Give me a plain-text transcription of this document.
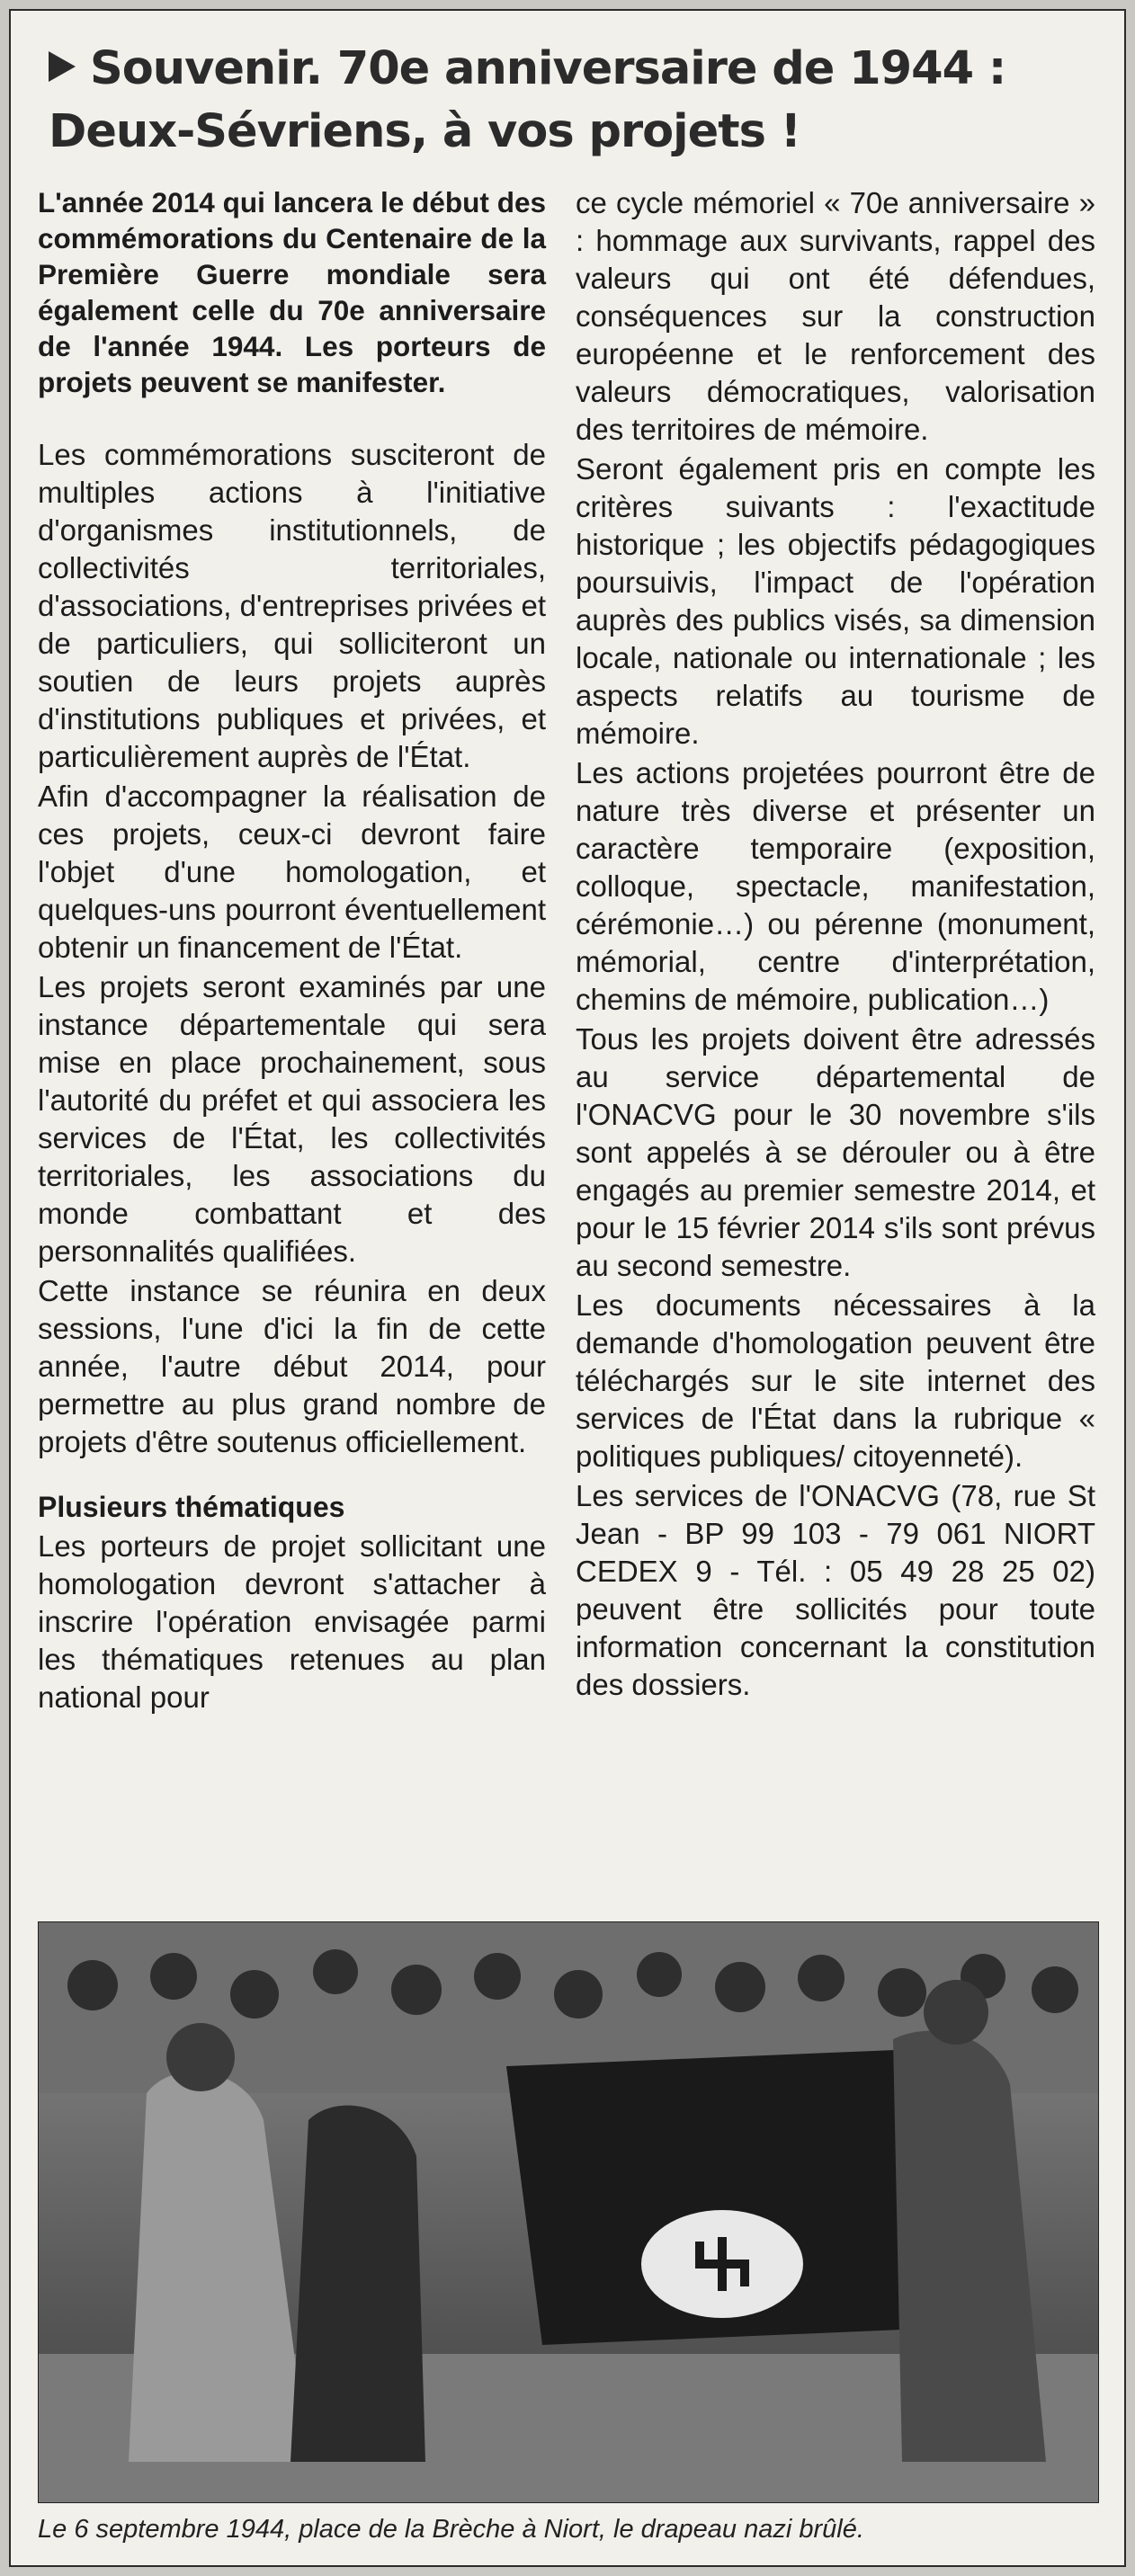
Souvenir. 70e anniversaire de 1944 :
Deux-Sévriens, à vos projets !

L'année 2014 qui lancera le début des commémorations du Centenaire de la Première Guerre mondiale sera également celle du 70e anniversaire de l'année 1944. Les porteurs de projets peuvent se manifester.

Les commémorations susciteront de multiples actions à l'initiative d'organismes institutionnels, de collectivités territoriales, d'associations, d'entreprises privées et de particuliers, qui solliciteront un soutien de leurs projets auprès d'institutions publiques et privées, et particulièrement auprès de l'État.

Afin d'accompagner la réalisation de ces projets, ceux-ci devront faire l'objet d'une homologation, et quelques-uns pourront éventuellement obtenir un financement de l'État.

Les projets seront examinés par une instance départementale qui sera mise en place prochainement, sous l'autorité du préfet et qui associera les services de l'État, les collectivités territoriales, les associations du monde combattant et des personnalités qualifiées.

Cette instance se réunira en deux sessions, l'une d'ici la fin de cette année, l'autre début 2014, pour permettre au plus grand nombre de projets d'être soutenus officiellement.

Plusieurs thématiques

Les porteurs de projet sollicitant une homologation devront s'attacher à inscrire l'opération envisagée parmi les thématiques retenues au plan national pour

ce cycle mémoriel « 70e anniversaire » : hommage aux survivants, rappel des valeurs qui ont été défendues, conséquences sur la construction européenne et le renforcement des valeurs démocratiques, valorisation des territoires de mémoire.

Seront également pris en compte les critères suivants : l'exactitude historique ; les objectifs pédagogiques poursuivis, l'impact de l'opération auprès des publics visés, sa dimension locale, nationale ou internationale ; les aspects relatifs au tourisme de mémoire.

Les actions projetées pourront être de nature très diverse et présenter un caractère temporaire (exposition, colloque, spectacle, manifestation, cérémonie…) ou pérenne (monument, mémorial, centre d'interprétation, chemins de mémoire, publication…)

Tous les projets doivent être adressés au service départemental de l'ONACVG pour le 30 novembre s'ils sont appelés à se dérouler ou à être engagés au premier semestre 2014, et pour le 15 février 2014 s'ils sont prévus au second semestre.

Les documents nécessaires à la demande d'homologation peuvent être téléchargés sur le site internet des services de l'État dans la rubrique « politiques publiques/ citoyenneté).

Les services de l'ONACVG (78, rue St Jean - BP 99 103 - 79 061 NIORT CEDEX 9 - Tél. : 05 49 28 25 02) peuvent être sollicités pour toute information concernant la constitution des dossiers.

Le 6 septembre 1944, place de la Brèche à Niort, le drapeau nazi brûlé.
